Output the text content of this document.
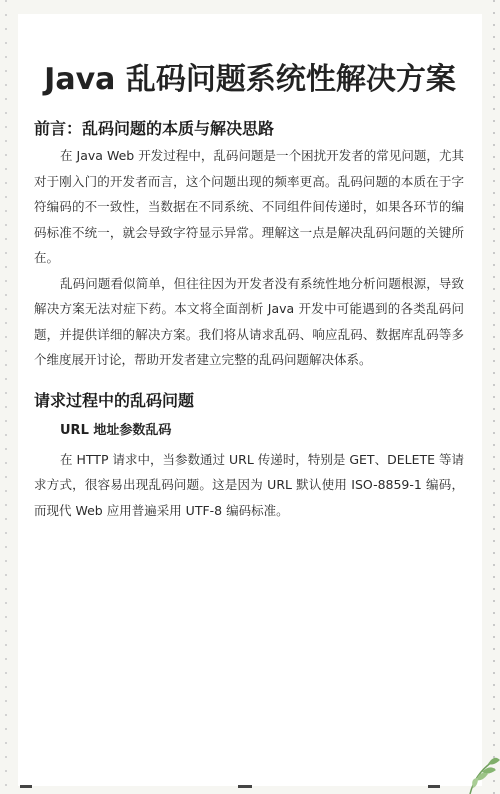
Java 乱码问题系统性解决方案
前言：乱码问题的本质与解决思路

在 Java Web 开发过程中，乱码问题是一个困扰开发者的常见问题，尤其对于刚入门的开发者而言，这个问题出现的频率更高。乱码问题的本质在于字符编码的不一致性，当数据在不同系统、不同组件间传递时，如果各环节的编码标准不统一，就会导致字符显示异常。理解这一点是解决乱码问题的关键所在。

乱码问题看似简单，但往往因为开发者没有系统性地分析问题根源，导致解决方案无法对症下药。本文将全面剖析 Java 开发中可能遇到的各类乱码问题，并提供详细的解决方案。我们将从请求乱码、响应乱码、数据库乱码等多个维度展开讨论，帮助开发者建立完整的乱码问题解决体系。

请求过程中的乱码问题
URL 地址参数乱码

在 HTTP 请求中，当参数通过 URL 传递时，特别是 GET、DELETE 等请求方式，很容易出现乱码问题。这是因为 URL 默认使用 ISO-8859-1 编码，而现代 Web 应用普遍采用 UTF-8 编码标准。
